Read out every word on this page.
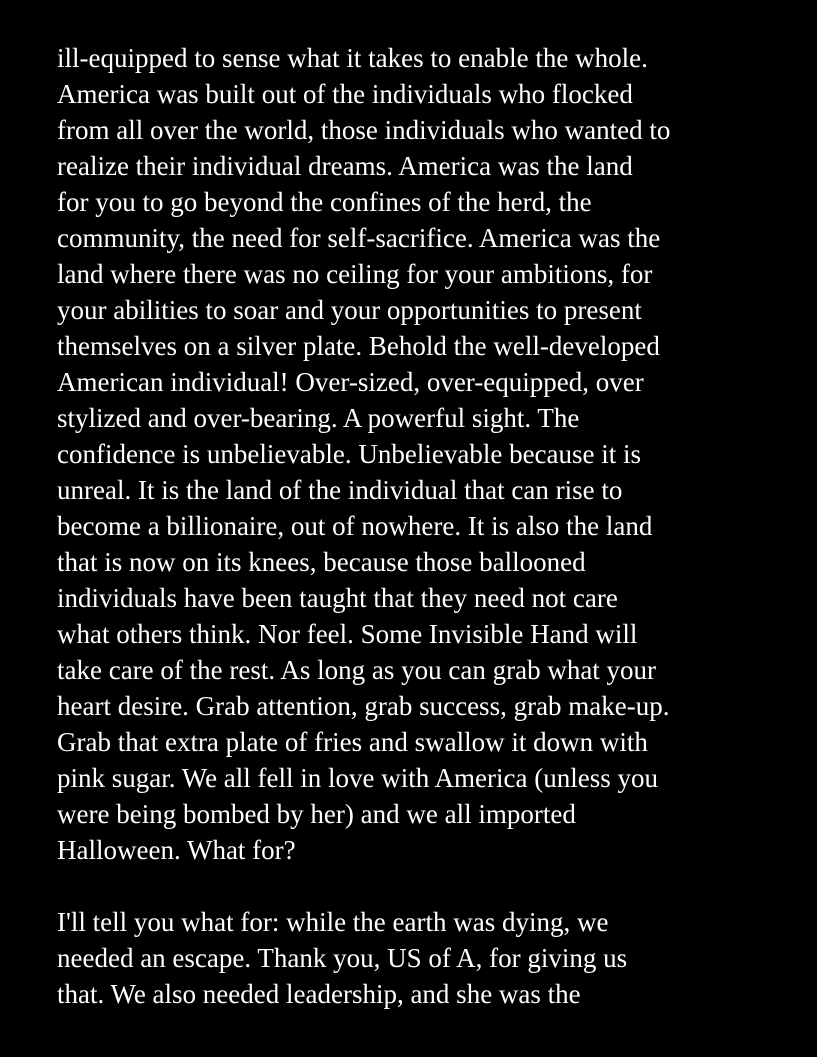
ill-equipped to sense what it takes to enable the whole.
America was built out of the individuals who flocked
from all over the world, those individuals who wanted to
realize their individual dreams. America was the land
for you to go beyond the confines of the herd, the
community, the need for self-sacrifice. America was the
land where there was no ceiling for your ambitions, for
your abilities to soar and your opportunities to present
themselves on a silver plate. Behold the well-developed
American individual! Over-sized, over-equipped, over
stylized and over-bearing. A powerful sight. The
confidence is unbelievable. Unbelievable because it is
unreal. It is the land of the individual that can rise to
become a billionaire, out of nowhere. It is also the land
that is now on its knees, because those ballooned
individuals have been taught that they need not care
what others think. Nor feel. Some Invisible Hand will
take care of the rest. As long as you can grab what your
heart desire. Grab attention, grab success, grab make-up.
Grab that extra plate of fries and swallow it down with
pink sugar. We all fell in love with America (unless you
were being bombed by her) and we all imported
Halloween. What for?
I'll tell you what for: while the earth was dying, we
needed an escape. Thank you, US of A, for giving us
that. We also needed leadership, and she was the
